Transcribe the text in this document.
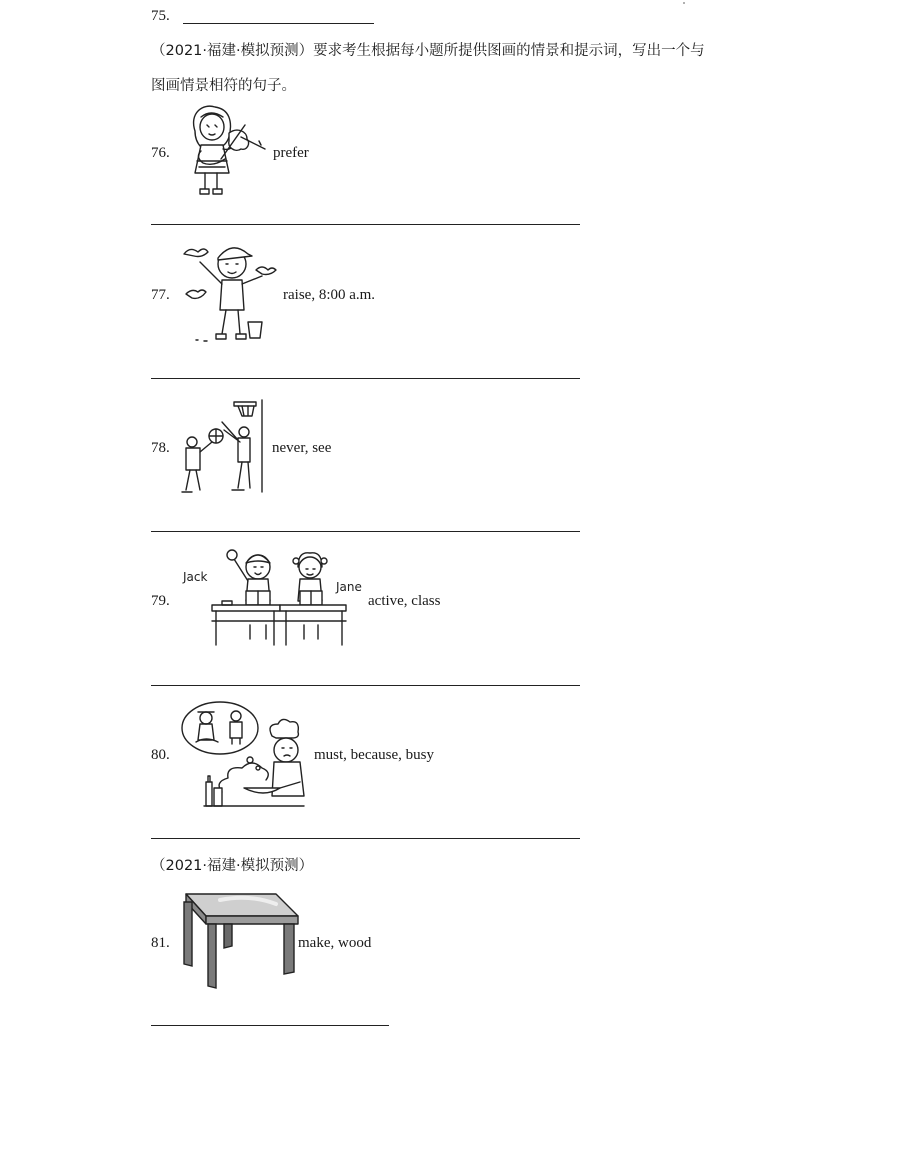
75.
（2021·福建·模拟预测）要求考生根据每小题所提供图画的情景和提示词，写出一个与
图画情景相符的句子。
76.	prefer
77.	raise, 8:00 a.m.
78.	never, see
79.
Jack
Jane
active, class
80.	must, because, busy
（2021·福建·模拟预测）
81.	make, wood
